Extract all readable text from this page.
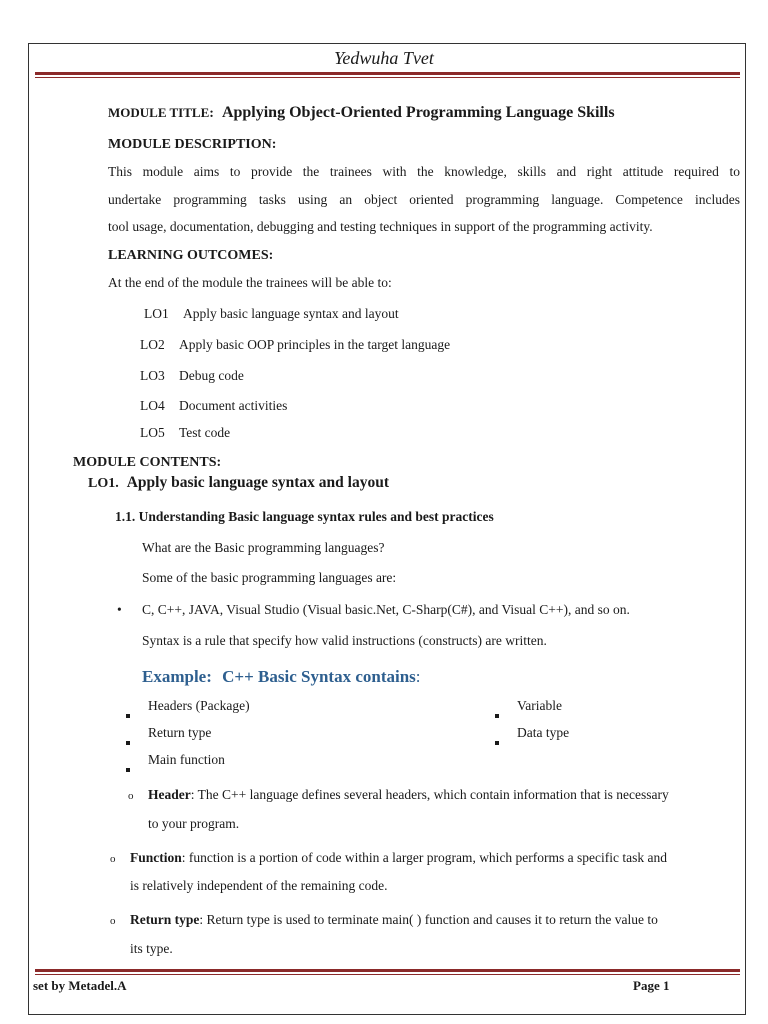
Yedwuha Tvet
MODULE TITLE: Applying Object-Oriented Programming Language Skills
MODULE DESCRIPTION:
This module aims to provide the trainees with the knowledge, skills and right attitude required to
undertake programming tasks using an object oriented programming language. Competence includes
tool usage, documentation, debugging and testing techniques in support of the programming activity.
LEARNING OUTCOMES:
At the end of the module the trainees will be able to:
LO1 Apply basic language syntax and layout
LO2 Apply basic OOP principles in the target language
LO3 Debug code
LO4 Document activities
LO5 Test code
MODULE CONTENTS:
LO1. Apply basic language syntax and layout
1.1. Understanding Basic language syntax rules and best practices
What are the Basic programming languages?
Some of the basic programming languages are:
• C, C++, JAVA, Visual Studio (Visual basic.Net, C-Sharp(C#), and Visual C++), and so on.
Syntax is a rule that specify how valid instructions (constructs) are written.
Example: C++ Basic Syntax contains:
Headers (Package)
Return type
Main function
Variable
Data type
o Header: The C++ language defines several headers, which contain information that is necessary
to your program.
o Function: function is a portion of code within a larger program, which performs a specific task and
is relatively independent of the remaining code.
o Return type: Return type is used to terminate main( ) function and causes it to return the value to
its type.
set by Metadel.A	Page 1
